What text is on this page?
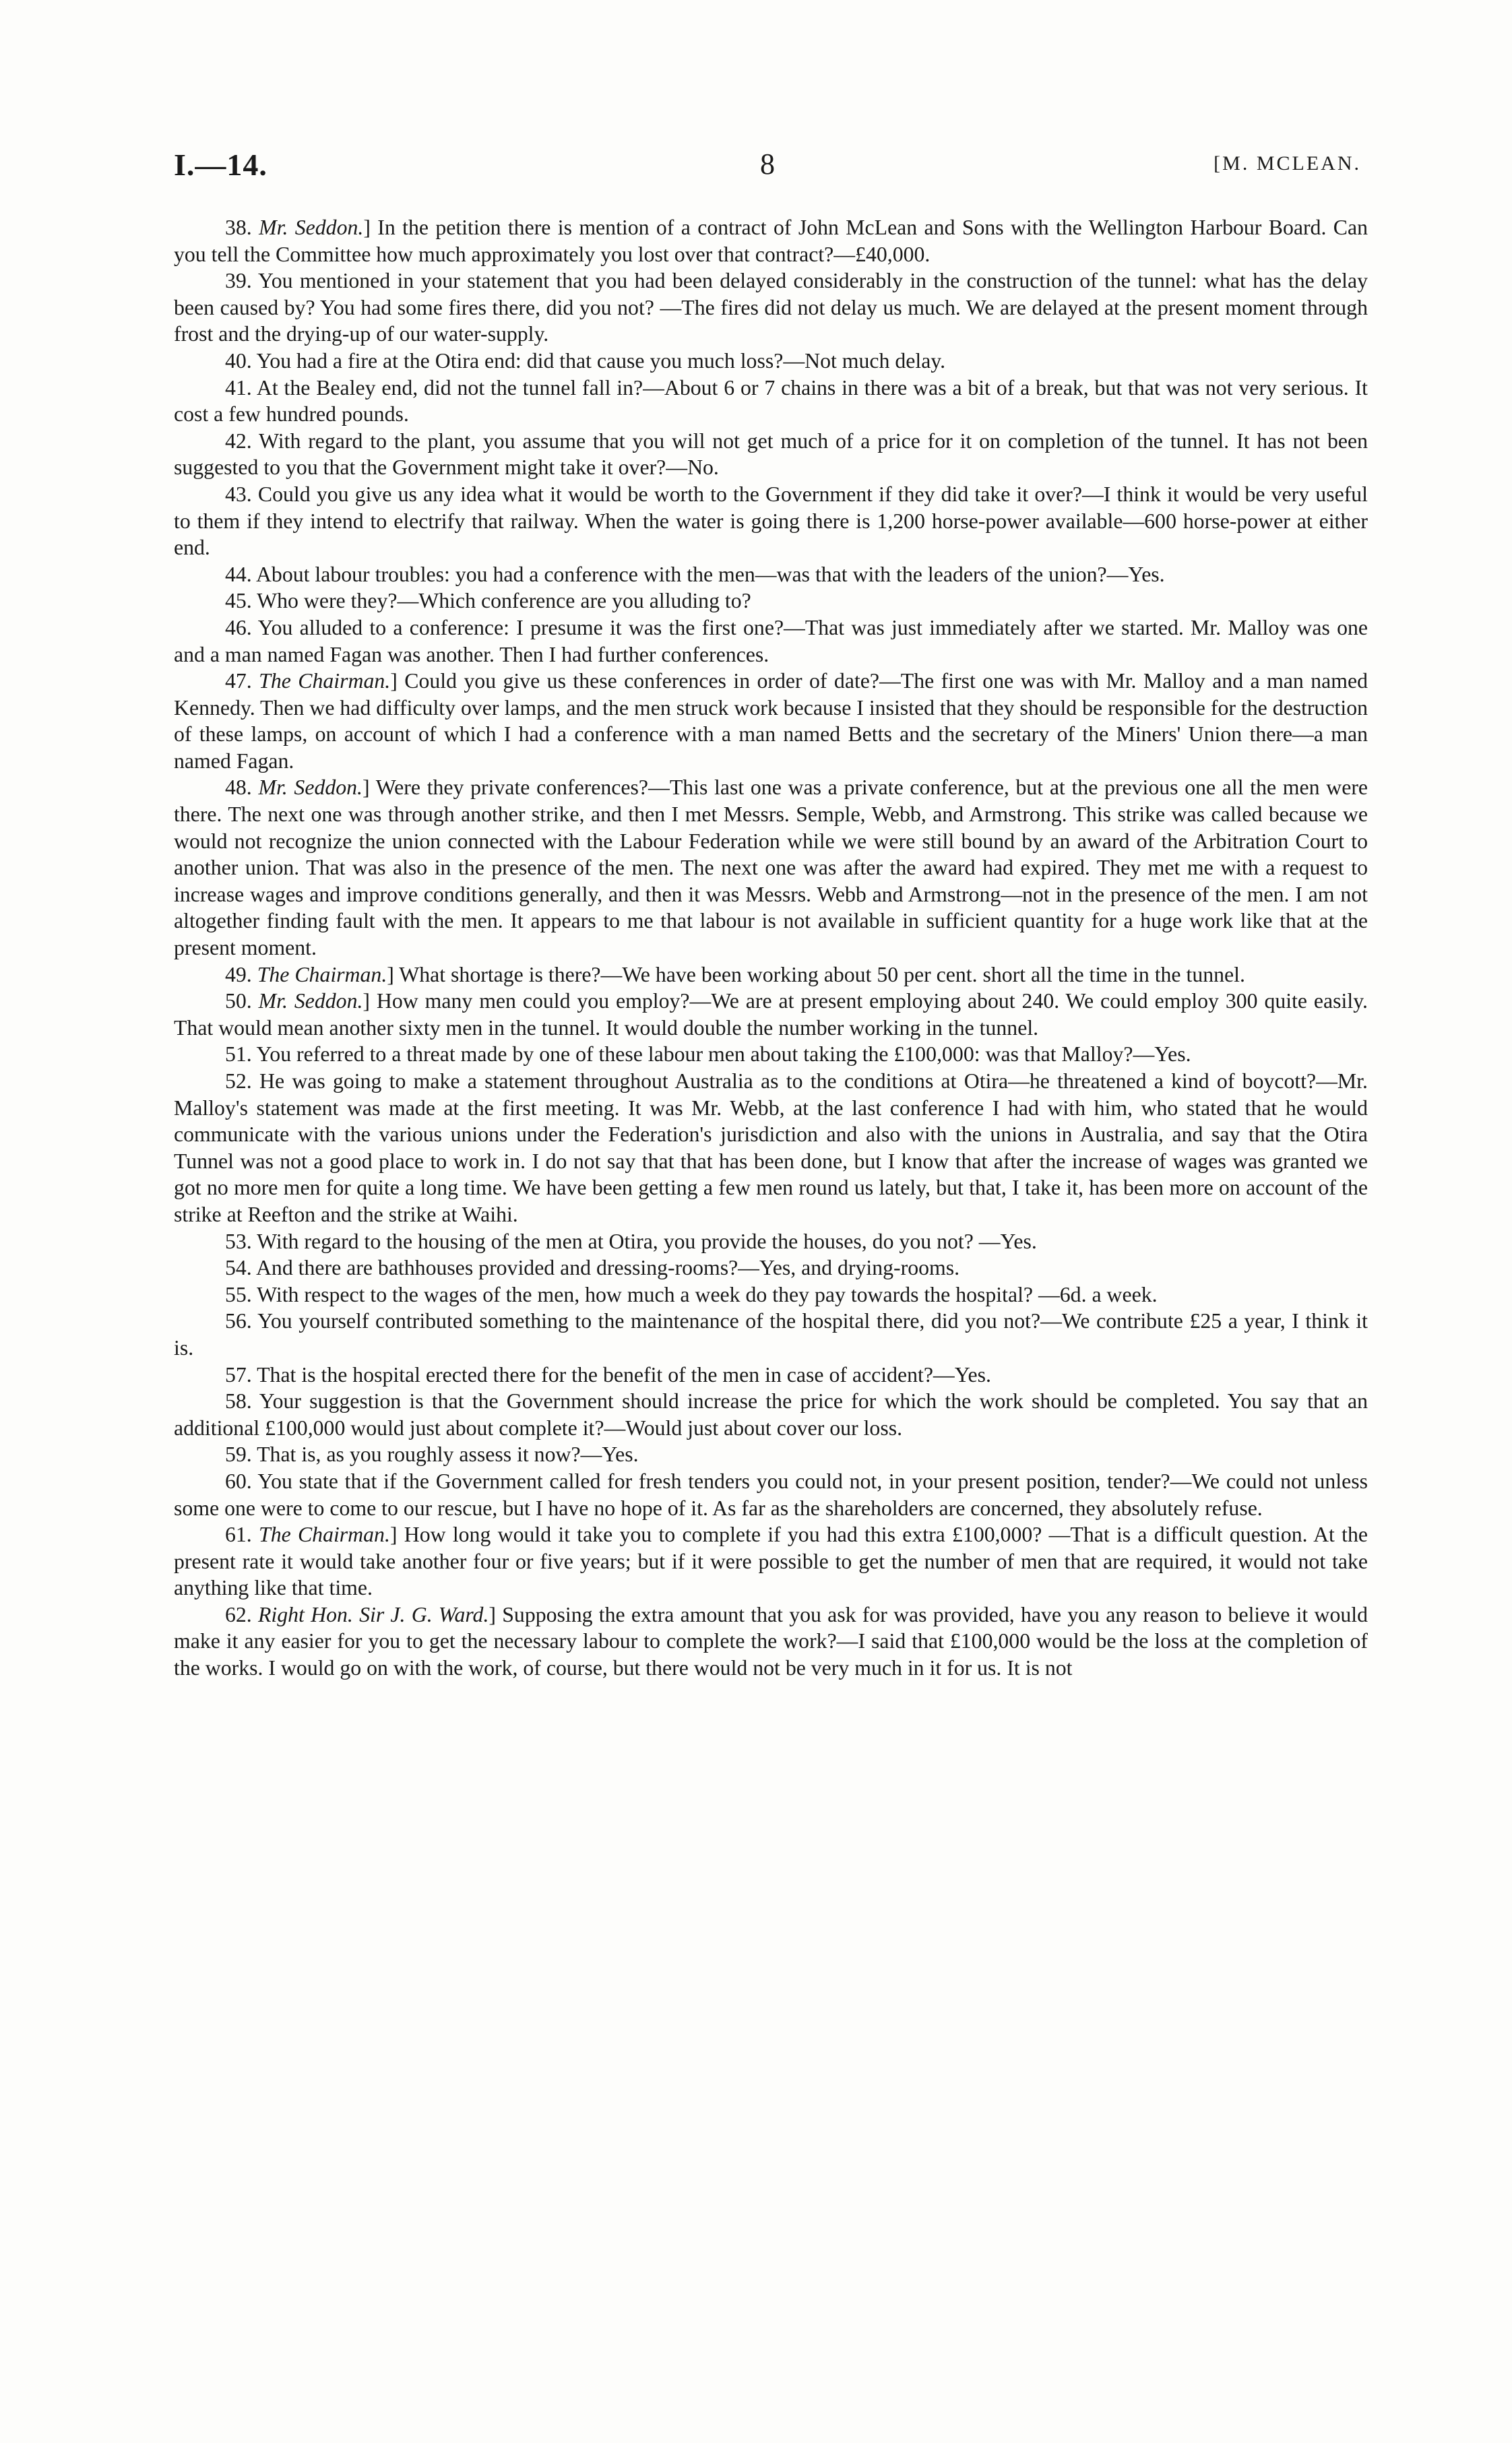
I.—14.	8	[M. MCLEAN.

38. Mr. Seddon.] In the petition there is mention of a contract of John McLean and Sons with the Wellington Harbour Board. Can you tell the Committee how much approximately you lost over that contract?—£40,000.

39. You mentioned in your statement that you had been delayed considerably in the construction of the tunnel: what has the delay been caused by? You had some fires there, did you not? —The fires did not delay us much. We are delayed at the present moment through frost and the drying-up of our water-supply.

40. You had a fire at the Otira end: did that cause you much loss?—Not much delay.

41. At the Bealey end, did not the tunnel fall in?—About 6 or 7 chains in there was a bit of a break, but that was not very serious. It cost a few hundred pounds.

42. With regard to the plant, you assume that you will not get much of a price for it on completion of the tunnel. It has not been suggested to you that the Government might take it over?—No.

43. Could you give us any idea what it would be worth to the Government if they did take it over?—I think it would be very useful to them if they intend to electrify that railway. When the water is going there is 1,200 horse-power available—600 horse-power at either end.

44. About labour troubles: you had a conference with the men—was that with the leaders of the union?—Yes.

45. Who were they?—Which conference are you alluding to?

46. You alluded to a conference: I presume it was the first one?—That was just immediately after we started. Mr. Malloy was one and a man named Fagan was another. Then I had further conferences.

47. The Chairman.] Could you give us these conferences in order of date?—The first one was with Mr. Malloy and a man named Kennedy. Then we had difficulty over lamps, and the men struck work because I insisted that they should be responsible for the destruction of these lamps, on account of which I had a conference with a man named Betts and the secretary of the Miners' Union there—a man named Fagan.

48. Mr. Seddon.] Were they private conferences?—This last one was a private conference, but at the previous one all the men were there. The next one was through another strike, and then I met Messrs. Semple, Webb, and Armstrong. This strike was called because we would not recognize the union connected with the Labour Federation while we were still bound by an award of the Arbitration Court to another union. That was also in the presence of the men. The next one was after the award had expired. They met me with a request to increase wages and improve conditions generally, and then it was Messrs. Webb and Armstrong—not in the presence of the men. I am not altogether finding fault with the men. It appears to me that labour is not available in sufficient quantity for a huge work like that at the present moment.

49. The Chairman.] What shortage is there?—We have been working about 50 per cent. short all the time in the tunnel.

50. Mr. Seddon.] How many men could you employ?—We are at present employing about 240. We could employ 300 quite easily. That would mean another sixty men in the tunnel. It would double the number working in the tunnel.

51. You referred to a threat made by one of these labour men about taking the £100,000: was that Malloy?—Yes.

52. He was going to make a statement throughout Australia as to the conditions at Otira—he threatened a kind of boycott?—Mr. Malloy's statement was made at the first meeting. It was Mr. Webb, at the last conference I had with him, who stated that he would communicate with the various unions under the Federation's jurisdiction and also with the unions in Australia, and say that the Otira Tunnel was not a good place to work in. I do not say that that has been done, but I know that after the increase of wages was granted we got no more men for quite a long time. We have been getting a few men round us lately, but that, I take it, has been more on account of the strike at Reefton and the strike at Waihi.

53. With regard to the housing of the men at Otira, you provide the houses, do you not? —Yes.

54. And there are bathhouses provided and dressing-rooms?—Yes, and drying-rooms.

55. With respect to the wages of the men, how much a week do they pay towards the hospital? —6d. a week.

56. You yourself contributed something to the maintenance of the hospital there, did you not?—We contribute £25 a year, I think it is.

57. That is the hospital erected there for the benefit of the men in case of accident?—Yes.

58. Your suggestion is that the Government should increase the price for which the work should be completed. You say that an additional £100,000 would just about complete it?—Would just about cover our loss.

59. That is, as you roughly assess it now?—Yes.

60. You state that if the Government called for fresh tenders you could not, in your present position, tender?—We could not unless some one were to come to our rescue, but I have no hope of it. As far as the shareholders are concerned, they absolutely refuse.

61. The Chairman.] How long would it take you to complete if you had this extra £100,000? —That is a difficult question. At the present rate it would take another four or five years; but if it were possible to get the number of men that are required, it would not take anything like that time.

62. Right Hon. Sir J. G. Ward.] Supposing the extra amount that you ask for was provided, have you any reason to believe it would make it any easier for you to get the necessary labour to complete the work?—I said that £100,000 would be the loss at the completion of the works. I would go on with the work, of course, but there would not be very much in it for us. It is not
